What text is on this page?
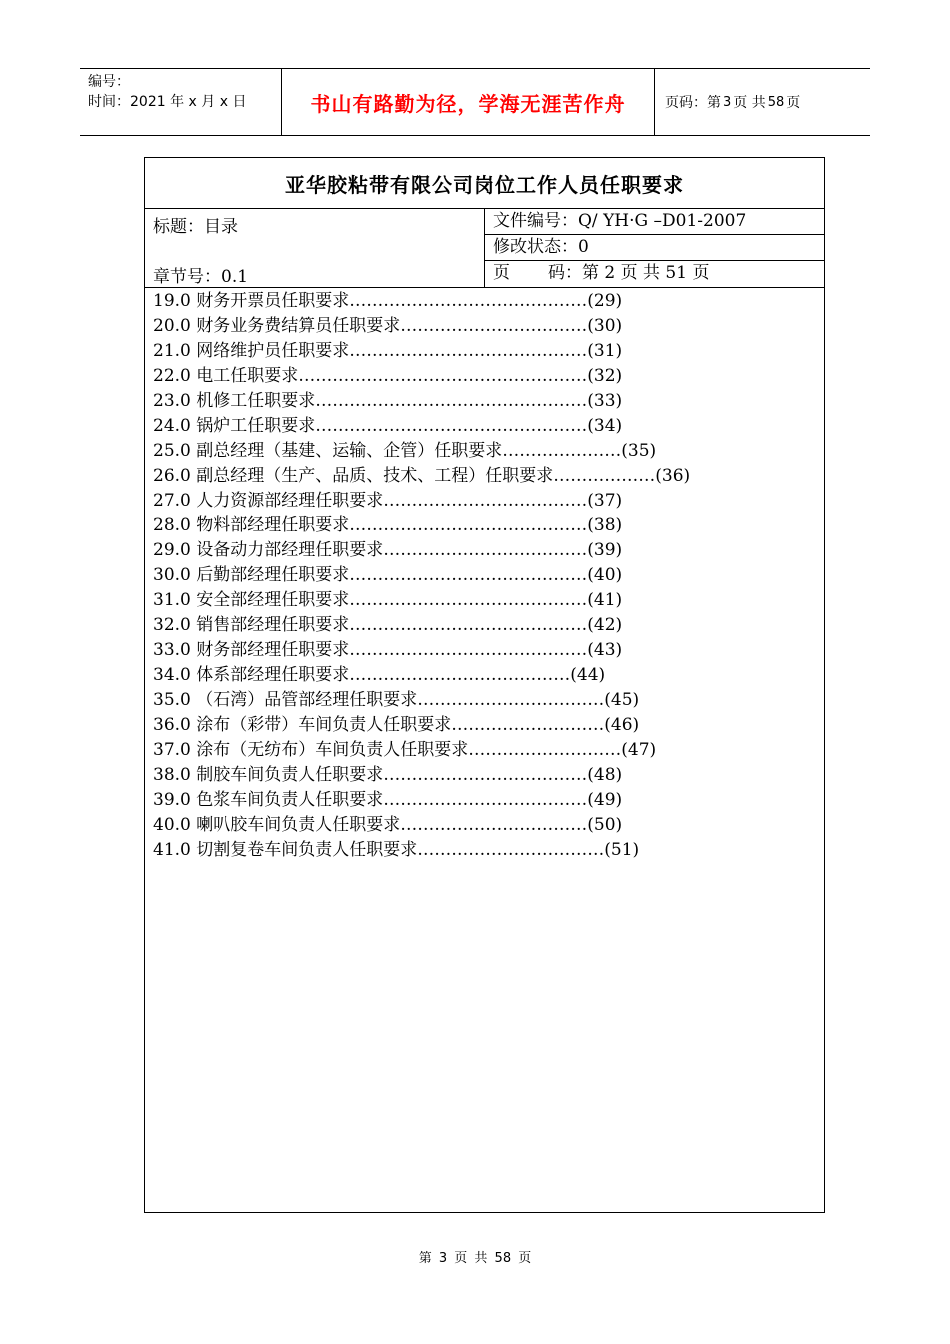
编号：
时间：2021 年 x 月 x 日	书山有路勤为径，学海无涯苦作舟	页码：第 3 页 共 58 页
亚华胶粘带有限公司岗位工作人员任职要求
标题：目录
章节号：0.1
文件编号：Q/ YH·G –D01-2007
修改状态：0
页 码：第 2 页 共 51 页
19.0 财务开票员任职要求……………………………………(29)
20.0 财务业务费结算员任职要求……………………………(30)
21.0 网络维护员任职要求……………………………………(31)
22.0 电工任职要求……………………………………………(32)
23.0 机修工任职要求…………………………………………(33)
24.0 锅炉工任职要求…………………………………………(34)
25.0 副总经理（基建、运输、企管）任职要求…………………(35)
26.0 副总经理（生产、品质、技术、工程）任职要求………………(36)
27.0 人力资源部经理任职要求………………………………(37)
28.0 物料部经理任职要求……………………………………(38)
29.0 设备动力部经理任职要求………………………………(39)
30.0 后勤部经理任职要求……………………………………(40)
31.0 安全部经理任职要求……………………………………(41)
32.0 销售部经理任职要求……………………………………(42)
33.0 财务部经理任职要求……………………………………(43)
34.0 体系部经理任职要求…………………………………(44)
35.0 （石湾）品管部经理任职要求……………………………(45)
36.0 涂布（彩带）车间负责人任职要求………………………(46)
37.0 涂布（无纺布）车间负责人任职要求………………………(47)
38.0 制胶车间负责人任职要求………………………………(48)
39.0 色浆车间负责人任职要求………………………………(49)
40.0 喇叭胶车间负责人任职要求……………………………(50)
41.0 切割复卷车间负责人任职要求……………………………(51)
第 3 页 共 58 页
